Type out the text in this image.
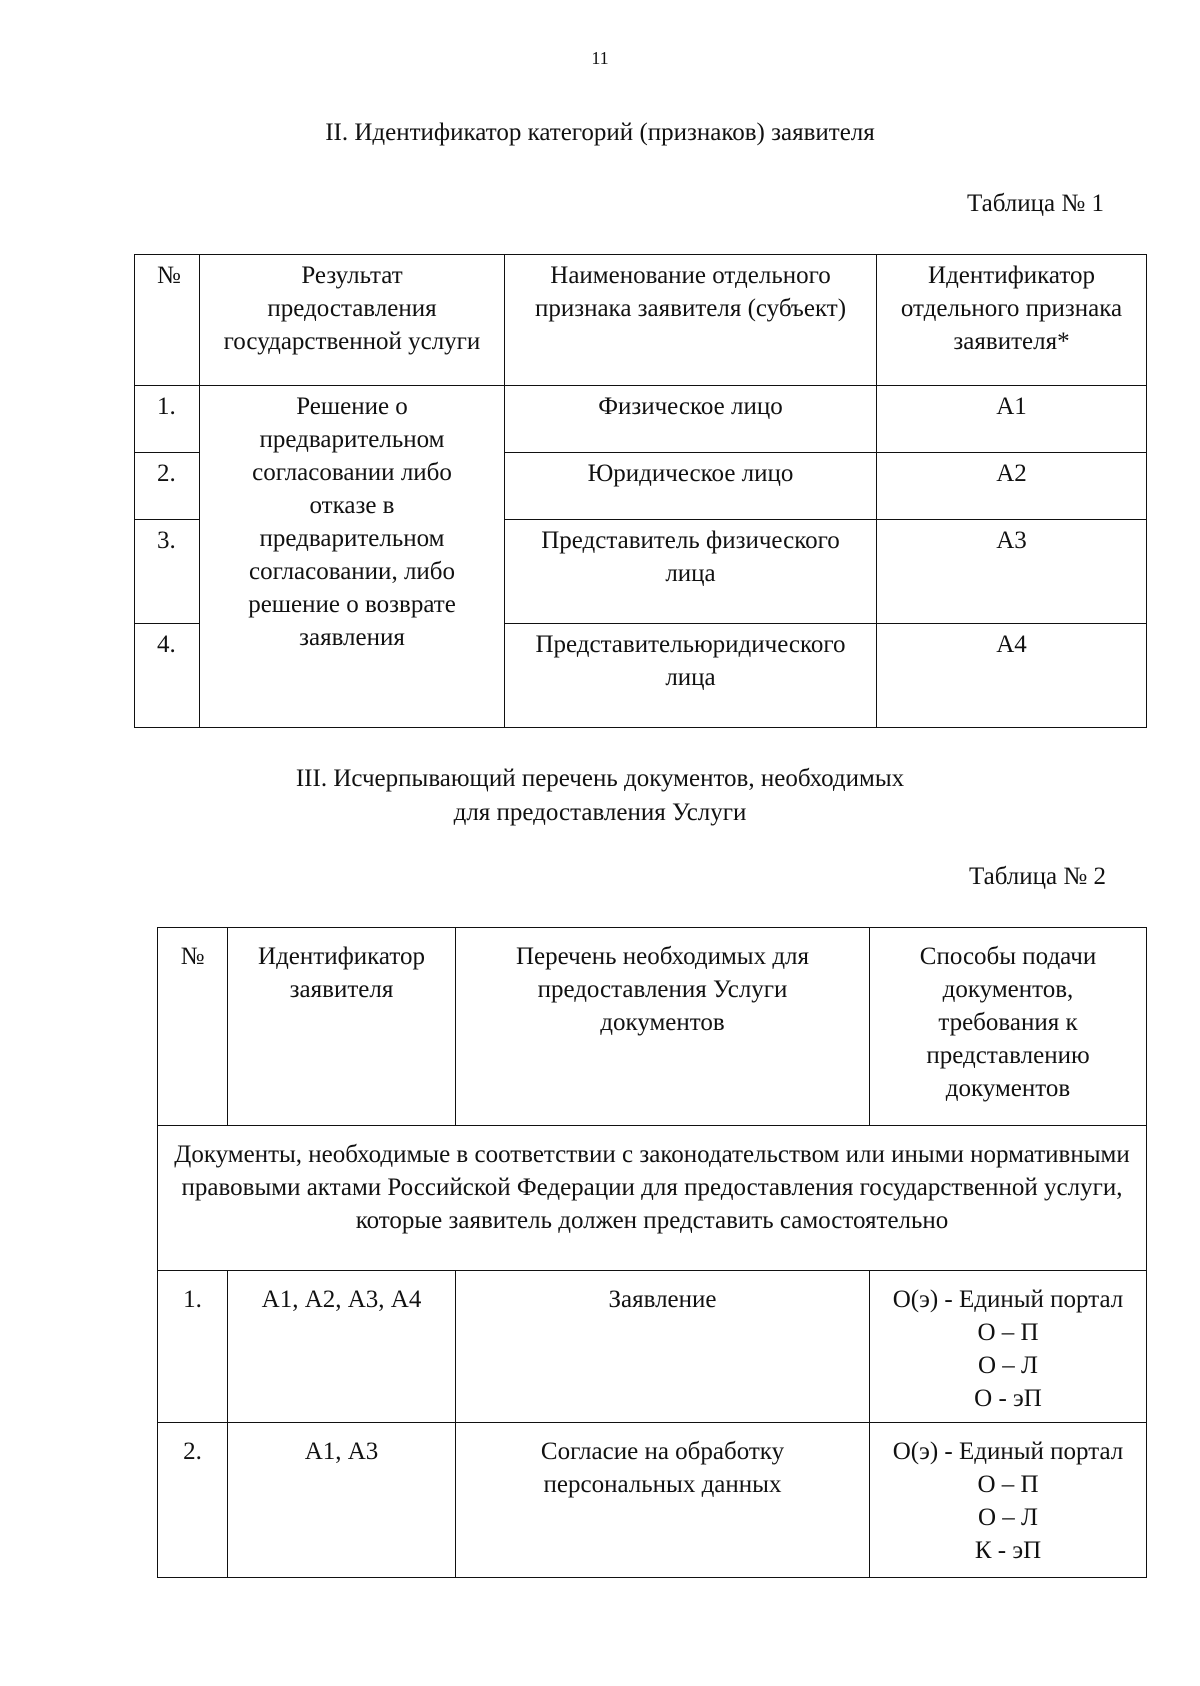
11
II. Идентификатор категорий (признаков) заявителя
Таблица № 1
№	Результат предоставления государственной услуги	Наименование отдельного признака заявителя (субъект)	Идентификатор отдельного признака заявителя*
1.	Решение о предварительном согласовании либо отказе в предварительном согласовании, либо решение о возврате заявления	Физическое лицо	А1
2.		Юридическое лицо	А2
3.		Представитель физического лица	А3
4.		Представительюридического лица	А4
III. Исчерпывающий перечень документов, необходимых
для предоставления Услуги
Таблица № 2
№	Идентификатор заявителя	Перечень необходимых для предоставления Услуги документов	Способы подачи документов, требования к представлению документов
Документы, необходимые в соответствии с законодательством или иными нормативными правовыми актами Российской Федерации для предоставления государственной услуги, которые заявитель должен представить самостоятельно			
1.	А1, А2, А3, А4	Заявление	О(э) - Единый портал
О – П
О – Л
О - эП

2.	А1, А3	Согласие на обработку персональных данных	О(э) - Единый портал
О – П
О – Л
К - эП
